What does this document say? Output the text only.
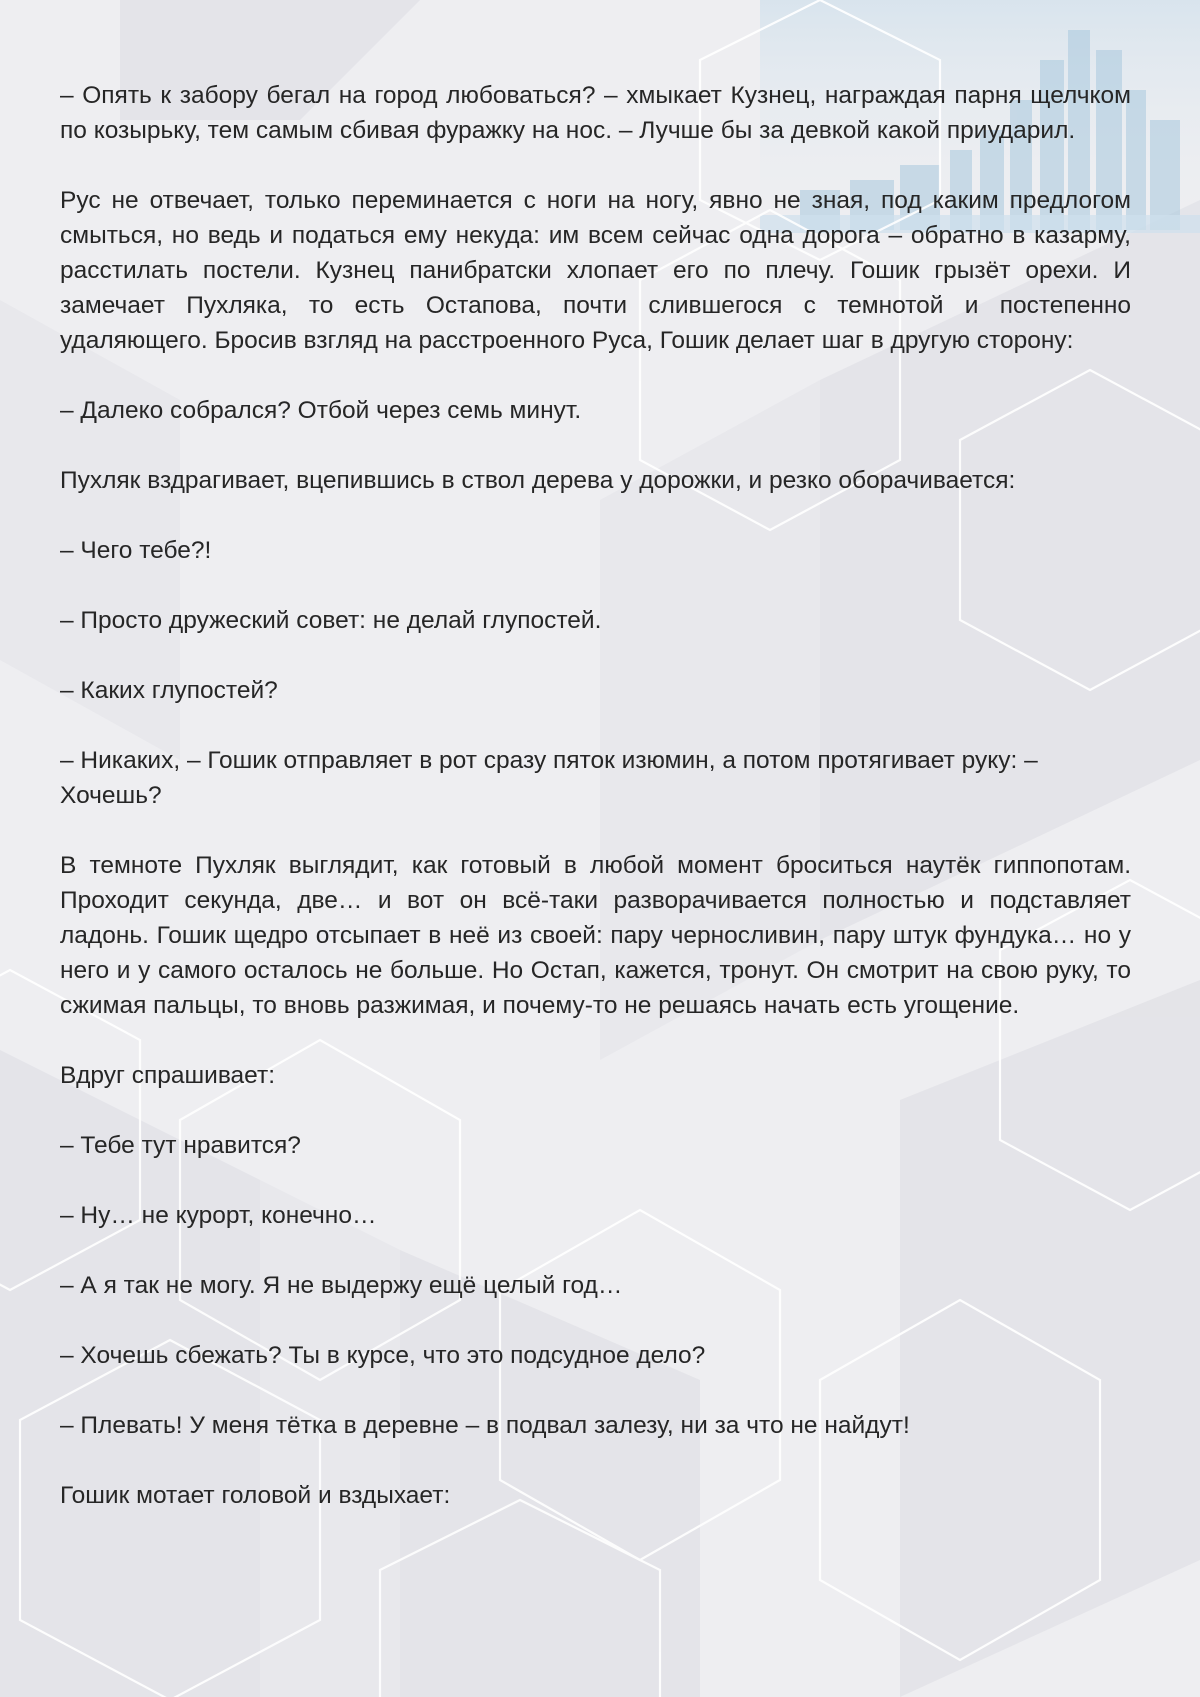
– Опять к забору бегал на город любоваться? – хмыкает Кузнец, награждая парня щелчком по козырьку, тем самым сбивая фуражку на нос. – Лучше бы за девкой какой приударил.

Рус не отвечает, только переминается с ноги на ногу, явно не зная, под каким предлогом смыться, но ведь и податься ему некуда: им всем сейчас одна дорога – обратно в казарму, расстилать постели. Кузнец панибратски хлопает его по плечу. Гошик грызёт орехи. И замечает Пухляка, то есть Остапова, почти слившегося с темнотой и постепенно удаляющего. Бросив взгляд на расстроенного Руса, Гошик делает шаг в другую сторону:

– Далеко собрался? Отбой через семь минут.

Пухляк вздрагивает, вцепившись в ствол дерева у дорожки, и резко оборачивается:

– Чего тебе?!

– Просто дружеский совет: не делай глупостей.

– Каких глупостей?

– Никаких, – Гошик отправляет в рот сразу пяток изюмин, а потом протягивает руку: – Хочешь?

В темноте Пухляк выглядит, как готовый в любой момент броситься наутёк гиппопотам. Проходит секунда, две… и вот он всё-таки разворачивается полностью и подставляет ладонь. Гошик щедро отсыпает в неё из своей: пару черносливин, пару штук фундука… но у него и у самого осталось не больше. Но Остап, кажется, тронут. Он смотрит на свою руку, то сжимая пальцы, то вновь разжимая, и почему-то не решаясь начать есть угощение.

Вдруг спрашивает:

– Тебе тут нравится?

– Ну… не курорт, конечно…

– А я так не могу. Я не выдержу ещё целый год…

– Хочешь сбежать? Ты в курсе, что это подсудное дело?

– Плевать! У меня тётка в деревне – в подвал залезу, ни за что не найдут!

Гошик мотает головой и вздыхает:
